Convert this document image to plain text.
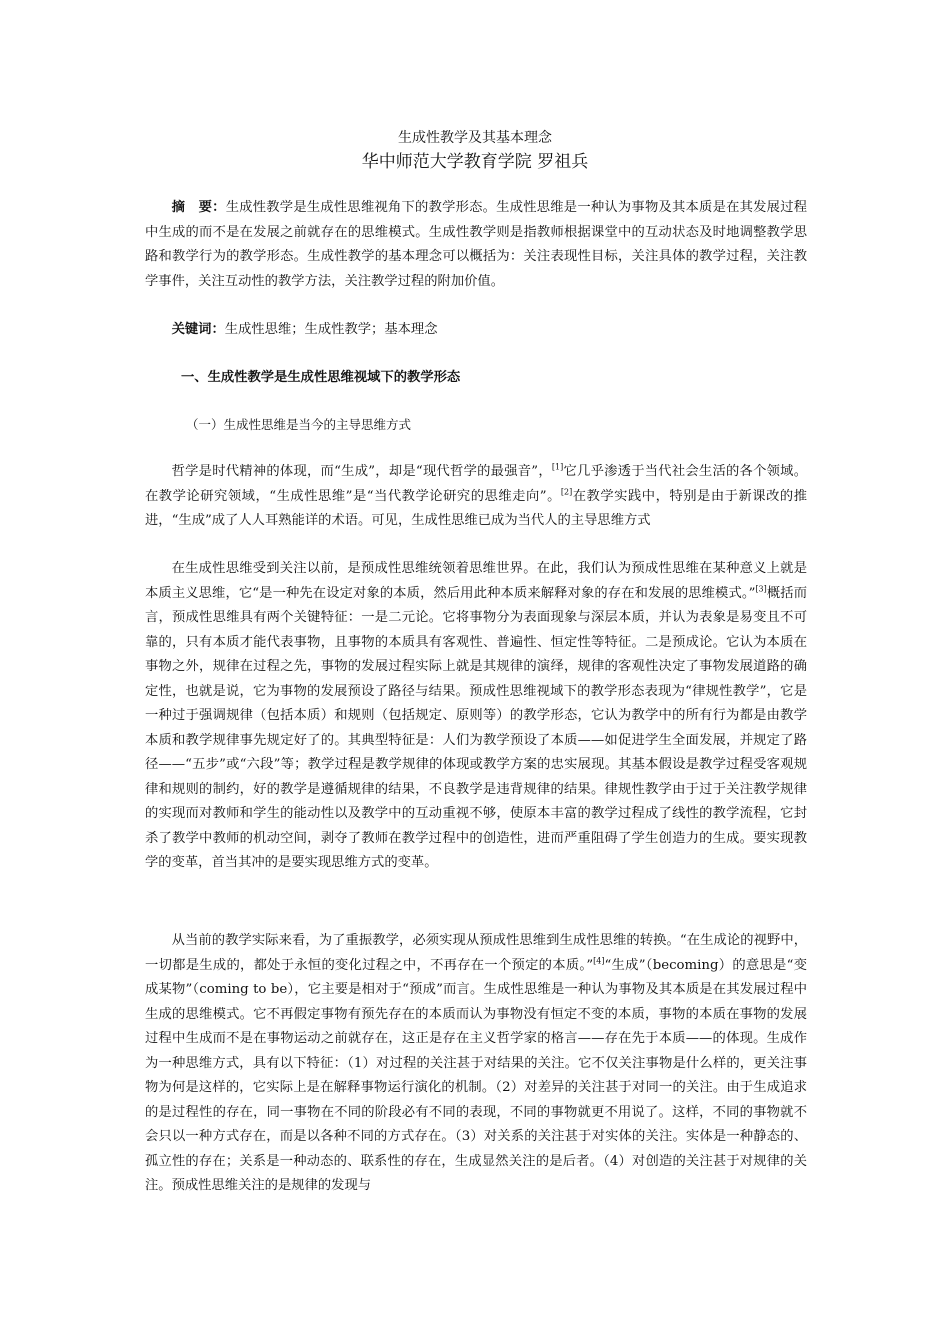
生成性教学及其基本理念
华中师范大学教育学院 罗祖兵

摘　要：生成性教学是生成性思维视角下的教学形态。生成性思维是一种认为事物及其本质是在其发展过程中生成的而不是在发展之前就存在的思维模式。生成性教学则是指教师根据课堂中的互动状态及时地调整教学思路和教学行为的教学形态。生成性教学的基本理念可以概括为：关注表现性目标，关注具体的教学过程，关注教学事件，关注互动性的教学方法，关注教学过程的附加价值。

关键词：生成性思维；生成性教学；基本理念

一、生成性教学是生成性思维视域下的教学形态
（一）生成性思维是当今的主导思维方式

哲学是时代精神的体现，而“生成”，却是“现代哲学的最强音”，[1]它几乎渗透于当代社会生活的各个领域。在教学论研究领域，“生成性思维”是“当代教学论研究的思维走向”。[2]在教学实践中，特别是由于新课改的推进，“生成”成了人人耳熟能详的术语。可见，生成性思维已成为当代人的主导思维方式

在生成性思维受到关注以前，是预成性思维统领着思维世界。在此，我们认为预成性思维在某种意义上就是本质主义思维，它“是一种先在设定对象的本质，然后用此种本质来解释对象的存在和发展的思维模式。”[3]概括而言，预成性思维具有两个关键特征：一是二元论。它将事物分为表面现象与深层本质，并认为表象是易变且不可靠的，只有本质才能代表事物，且事物的本质具有客观性、普遍性、恒定性等特征。二是预成论。它认为本质在事物之外，规律在过程之先，事物的发展过程实际上就是其规律的演绎，规律的客观性决定了事物发展道路的确定性，也就是说，它为事物的发展预设了路径与结果。预成性思维视域下的教学形态表现为“律规性教学”，它是一种过于强调规律（包括本质）和规则（包括规定、原则等）的教学形态，它认为教学中的所有行为都是由教学本质和教学规律事先规定好了的。其典型特征是：人们为教学预设了本质——如促进学生全面发展，并规定了路径——“五步”或“六段”等；教学过程是教学规律的体现或教学方案的忠实展现。其基本假设是教学过程受客观规律和规则的制约，好的教学是遵循规律的结果，不良教学是违背规律的结果。律规性教学由于过于关注教学规律的实现而对教师和学生的能动性以及教学中的互动重视不够，使原本丰富的教学过程成了线性的教学流程，它封杀了教学中教师的机动空间，剥夺了教师在教学过程中的创造性，进而严重阻碍了学生创造力的生成。要实现教学的变革，首当其冲的是要实现思维方式的变革。

从当前的教学实际来看，为了重振教学，必须实现从预成性思维到生成性思维的转换。“在生成论的视野中，一切都是生成的，都处于永恒的变化过程之中，不再存在一个预定的本质。”[4]“生成”（becoming）的意思是“变成某物”（coming to be），它主要是相对于“预成”而言。生成性思维是一种认为事物及其本质是在其发展过程中生成的思维模式。它不再假定事物有预先存在的本质而认为事物没有恒定不变的本质，事物的本质在事物的发展过程中生成而不是在事物运动之前就存在，这正是存在主义哲学家的格言——存在先于本质——的体现。生成作为一种思维方式，具有以下特征：（1）对过程的关注甚于对结果的关注。它不仅关注事物是什么样的，更关注事物为何是这样的，它实际上是在解释事物运行演化的机制。（2）对差异的关注甚于对同一的关注。由于生成追求的是过程性的存在，同一事物在不同的阶段必有不同的表现，不同的事物就更不用说了。这样，不同的事物就不会只以一种方式存在，而是以各种不同的方式存在。（3）对关系的关注甚于对实体的关注。实体是一种静态的、孤立性的存在；关系是一种动态的、联系性的存在，生成显然关注的是后者。（4）对创造的关注甚于对规律的关注。预成性思维关注的是规律的发现与
